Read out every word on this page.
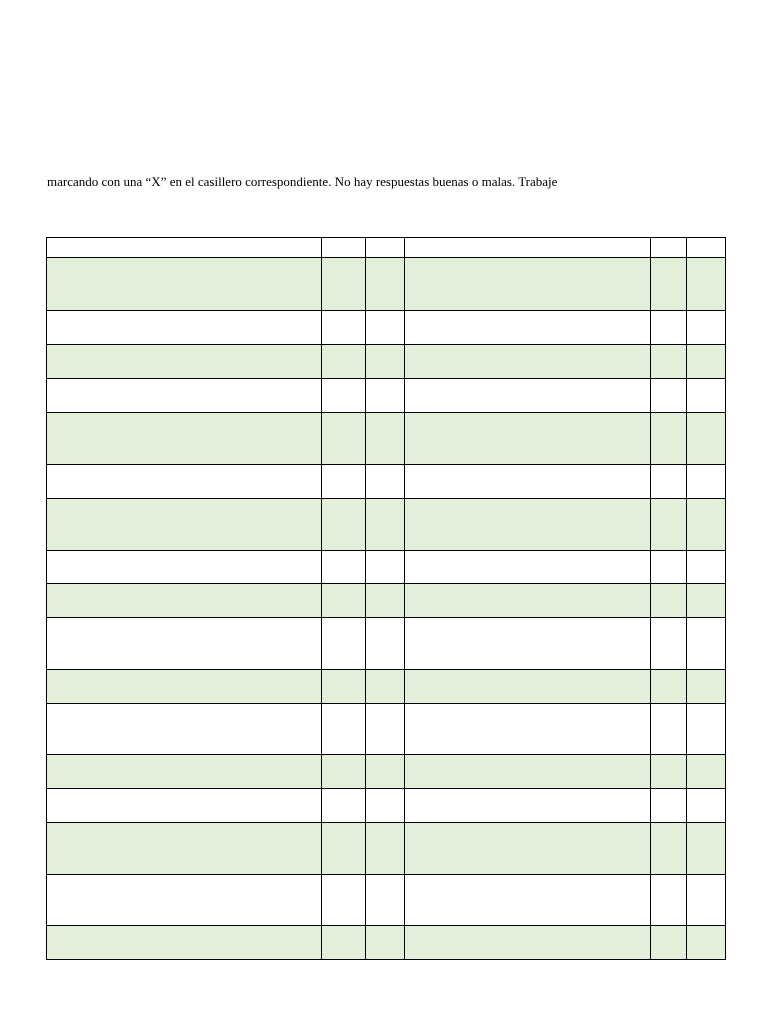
marcando con una “X” en el casillero correspondiente. No hay respuestas buenas o malas. Trabaje
